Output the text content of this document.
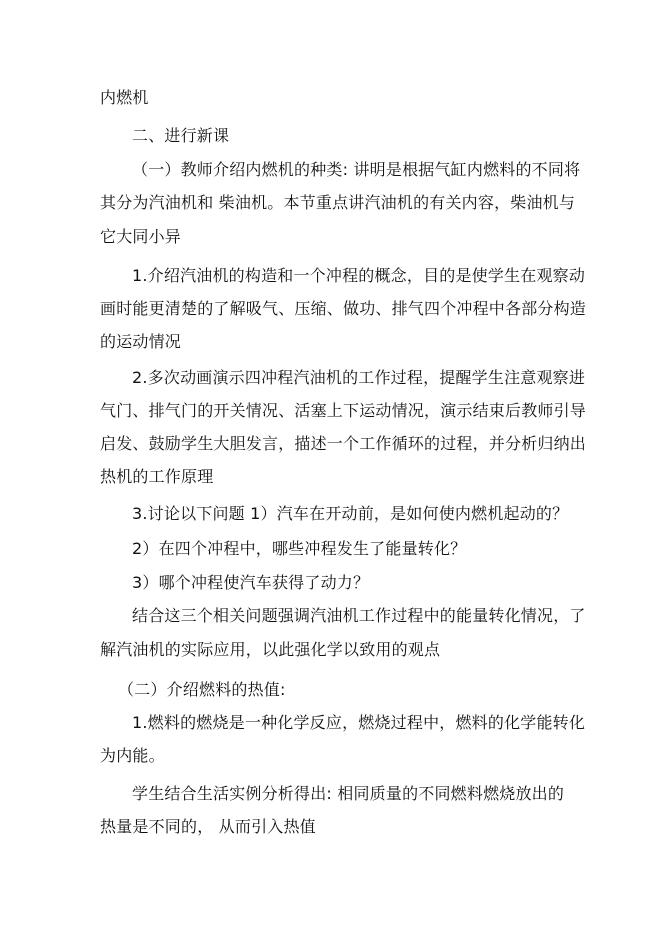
内燃机
二、进行新课
（一）教师介绍内燃机的种类: 讲明是根据气缸内燃料的不同将
其分为汽油机和 柴油机。本节重点讲汽油机的有关内容，柴油机与
它大同小异
1.介绍汽油机的构造和一个冲程的概念，目的是使学生在观察动
画时能更清楚的了解吸气、压缩、做功、排气四个冲程中各部分构造
的运动情况
2.多次动画演示四冲程汽油机的工作过程，提醒学生注意观察进
气门、排气门的开关情况、活塞上下运动情况，演示结束后教师引导
启发、鼓励学生大胆发言，描述一个工作循环的过程，并分析归纳出
热机的工作原理
3.讨论以下问题 1）汽车在开动前，是如何使内燃机起动的？
2）在四个冲程中，哪些冲程发生了能量转化？
3）哪个冲程使汽车获得了动力？
结合这三个相关问题强调汽油机工作过程中的能量转化情况，了
解汽油机的实际应用，以此强化学以致用的观点
（二）介绍燃料的热值:
1.燃料的燃烧是一种化学反应，燃烧过程中，燃料的化学能转化
为内能。
学生结合生活实例分析得出: 相同质量的不同燃料燃烧放出的
热量是不同的， 从而引入热值
